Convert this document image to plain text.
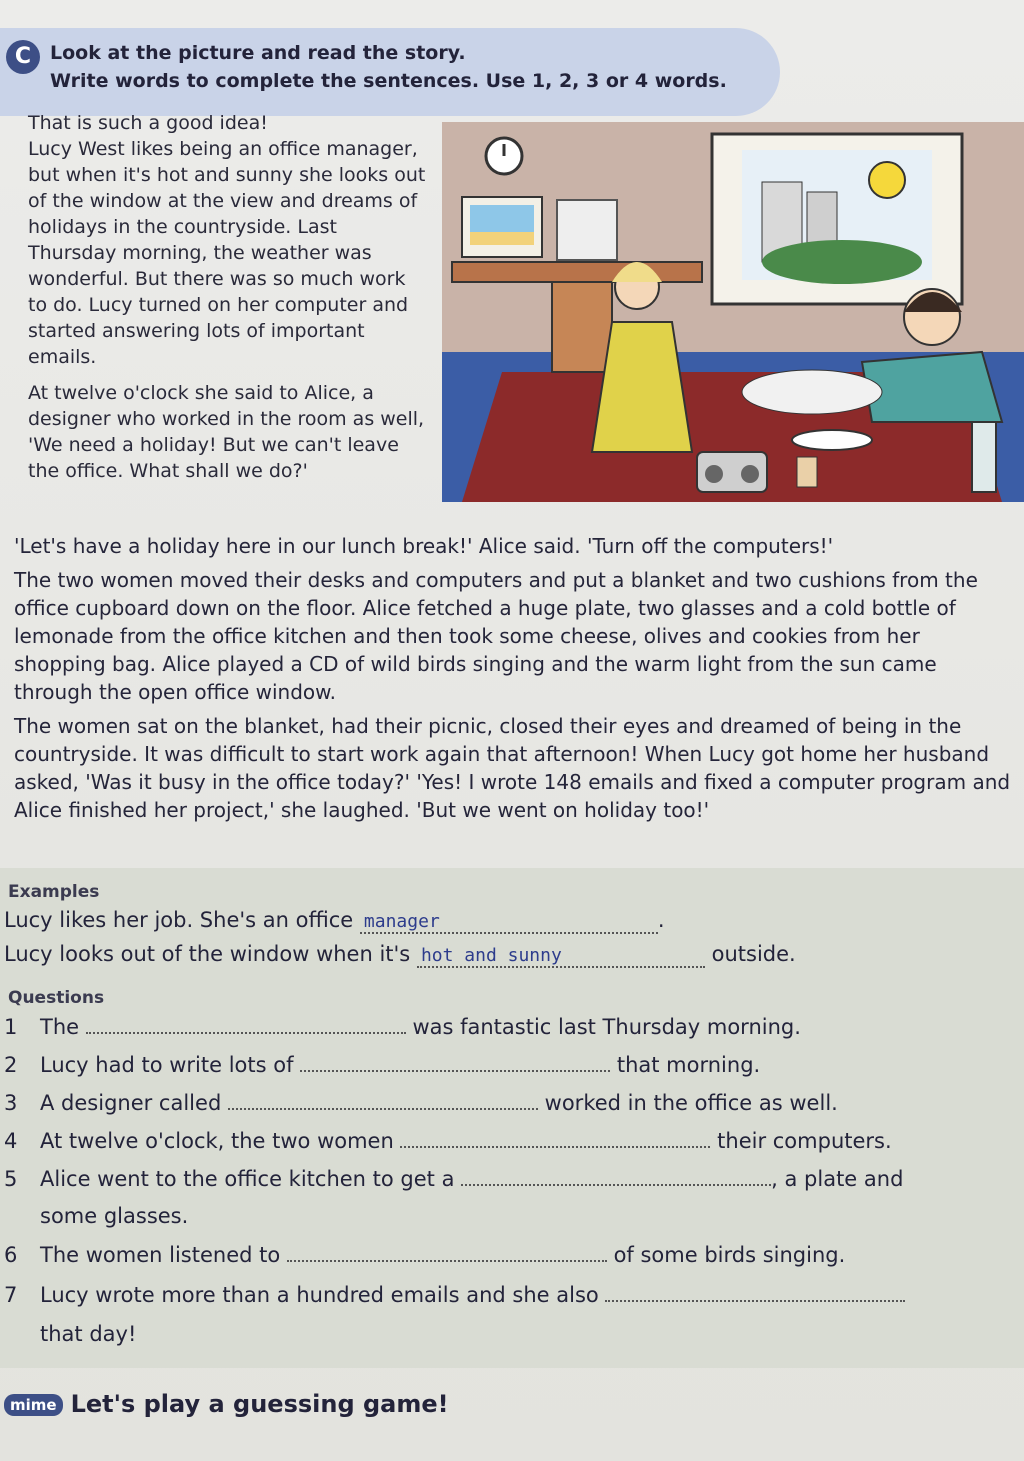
C Look at the picture and read the story.
Write words to complete the sentences. Use 1, 2, 3 or 4 words.

That is such a good idea!

Lucy West likes being an office manager, but when it's hot and sunny she looks out of the window at the view and dreams of holidays in the countryside. Last Thursday morning, the weather was wonderful. But there was so much work to do. Lucy turned on her computer and started answering lots of important emails.

At twelve o'clock she said to Alice, a designer who worked in the room as well, 'We need a holiday! But we can't leave the office. What shall we do?'

'Let's have a holiday here in our lunch break!' Alice said. 'Turn off the computers!'

The two women moved their desks and computers and put a blanket and two cushions from the office cupboard down on the floor. Alice fetched a huge plate, two glasses and a cold bottle of lemonade from the office kitchen and then took some cheese, olives and cookies from her shopping bag. Alice played a CD of wild birds singing and the warm light from the sun came through the open office window.

The women sat on the blanket, had their picnic, closed their eyes and dreamed of being in the countryside. It was difficult to start work again that afternoon! When Lucy got home her husband asked, 'Was it busy in the office today?' 'Yes! I wrote 148 emails and fixed a computer program and Alice finished her project,' she laughed. 'But we went on holiday too!'

Examples
Lucy likes her job. She's an office manager	.
Lucy looks out of the window when it's hot and sunny	outside.
Questions
1 The	was fantastic last Thursday morning.
2 Lucy had to write lots of	that morning.
3 A designer called	worked in the office as well.
4 At twelve o'clock, the two women	their computers.
5 Alice went to the office kitchen to get a	, a plate and
some glasses.
6 The women listened to	of some birds singing.
7 Lucy wrote more than a hundred emails and she also
that day!
mime Let's play a guessing game!
